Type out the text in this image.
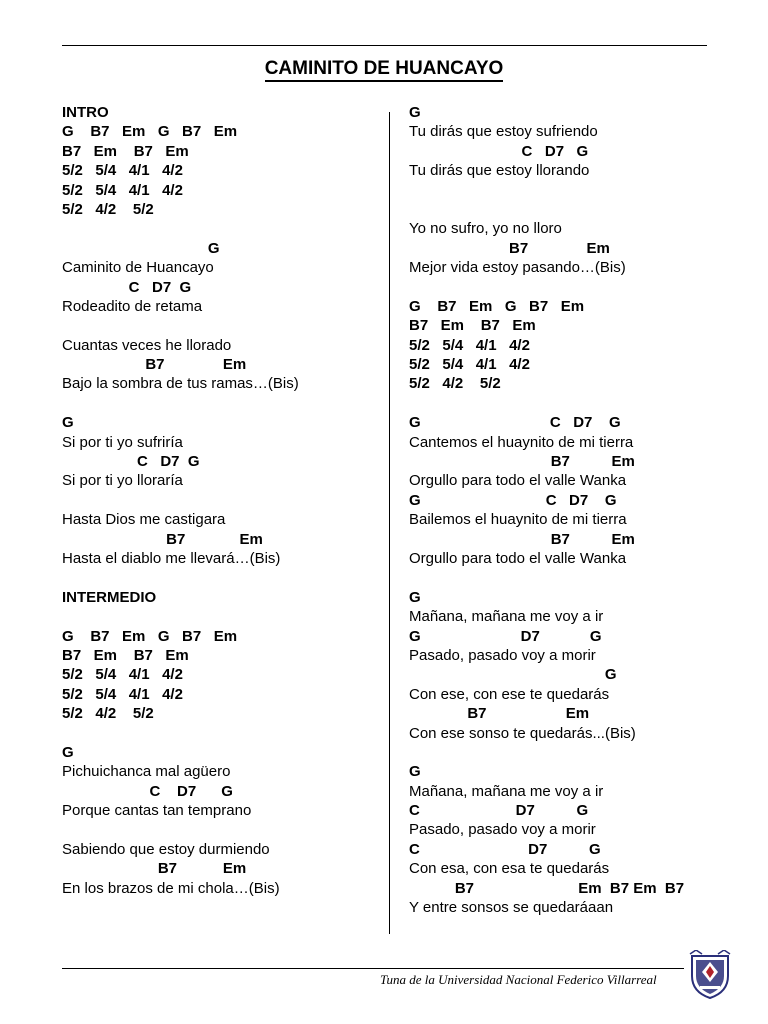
CAMINITO DE HUANCAYO
INTRO
G    B7   Em   G   B7   Em
B7   Em    B7   Em
5/2   5/4   4/1   4/2
5/2   5/4   4/1   4/2
5/2   4/2    5/2
G
Caminito de Huancayo
C   D7  G
Rodeadito de retama
Cuantas veces he llorado
B7              Em
Bajo la sombra de tus ramas…(Bis)
G
Si por ti yo sufriría
C   D7  G
Si por ti yo lloraría
Hasta Dios me castigara
B7             Em
Hasta el diablo me llevará…(Bis)
INTERMEDIO
G    B7   Em   G   B7   Em
B7   Em    B7   Em
5/2   5/4   4/1   4/2
5/2   5/4   4/1   4/2
5/2   4/2    5/2
G
Pichuichanca mal agüero
C    D7      G
Porque cantas tan temprano
Sabiendo que estoy durmiendo
B7           Em
En los brazos de mi chola…(Bis)
G
Tu dirás que estoy sufriendo
C   D7   G
Tu dirás que estoy llorando
Yo no sufro, yo no lloro
B7              Em
Mejor vida estoy pasando…(Bis)
G    B7   Em   G   B7   Em
B7   Em    B7   Em
5/2   5/4   4/1   4/2
5/2   5/4   4/1   4/2
5/2   4/2    5/2
G                               C   D7    G
Cantemos el huaynito de mi tierra
B7          Em
Orgullo para todo el valle Wanka
G                              C   D7    G
Bailemos el huaynito de mi tierra
B7          Em
Orgullo para todo el valle Wanka
G
Mañana, mañana me voy a ir
G                        D7            G
Pasado, pasado voy a morir
G
Con ese, con ese te quedarás
B7                   Em
Con ese sonso te quedarás...(Bis)
G
Mañana, mañana me voy a ir
C                       D7          G
Pasado, pasado voy a morir
C                          D7          G
Con esa, con esa te quedarás
B7                         Em  B7 Em  B7
Y entre sonsos se quedaráaan
Tuna de la Universidad Nacional Federico Villarreal
